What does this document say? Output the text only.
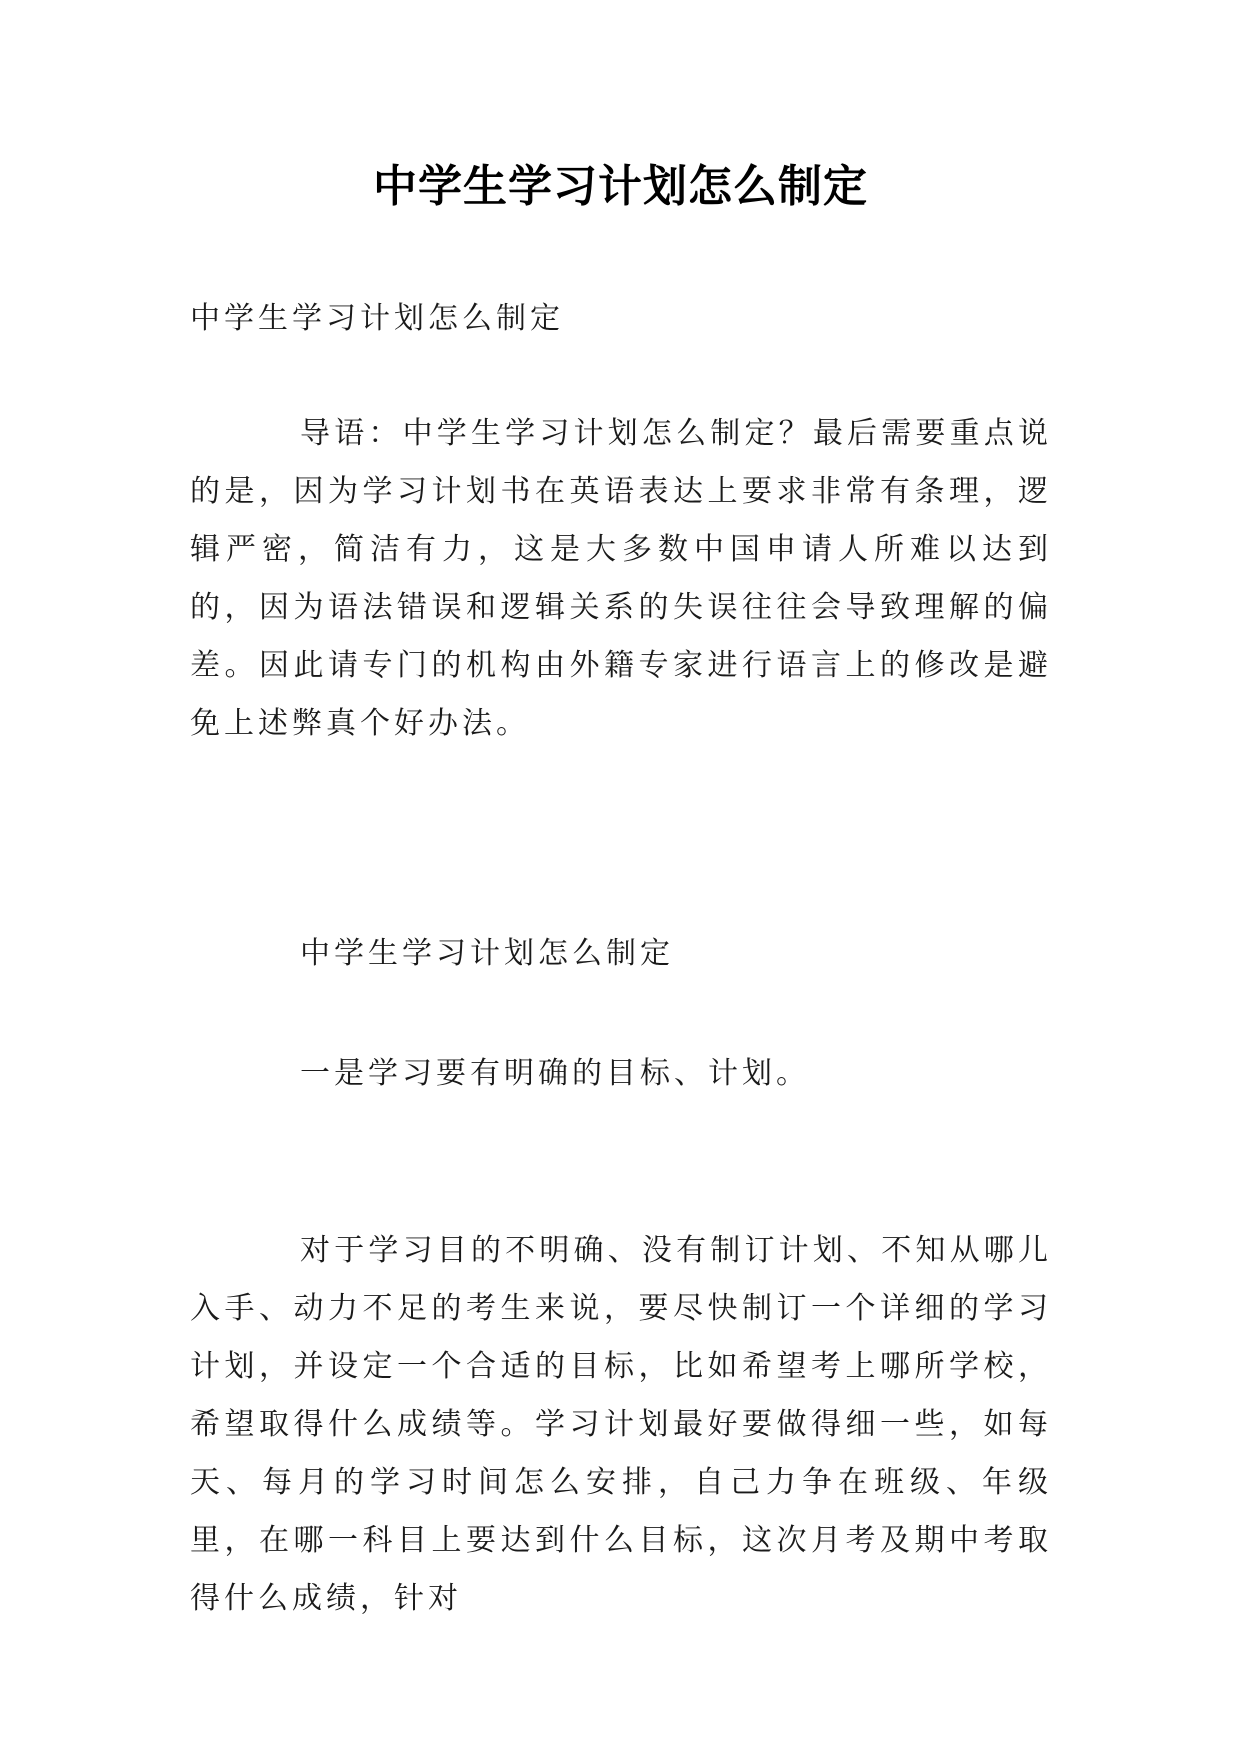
中学生学习计划怎么制定

中学生学习计划怎么制定

导语：中学生学习计划怎么制定？最后需要重点说的是，因为学习计划书在英语表达上要求非常有条理，逻辑严密，简洁有力，这是大多数中国申请人所难以达到的，因为语法错误和逻辑关系的失误往往会导致理解的偏差。因此请专门的机构由外籍专家进行语言上的修改是避免上述弊真个好办法。

中学生学习计划怎么制定

一是学习要有明确的目标、计划。

对于学习目的不明确、没有制订计划、不知从哪儿入手、动力不足的考生来说，要尽快制订一个详细的学习计划，并设定一个合适的目标，比如希望考上哪所学校，希望取得什么成绩等。学习计划最好要做得细一些，如每天、每月的学习时间怎么安排，自己力争在班级、年级里，在哪一科目上要达到什么目标，这次月考及期中考取得什么成绩，针对
